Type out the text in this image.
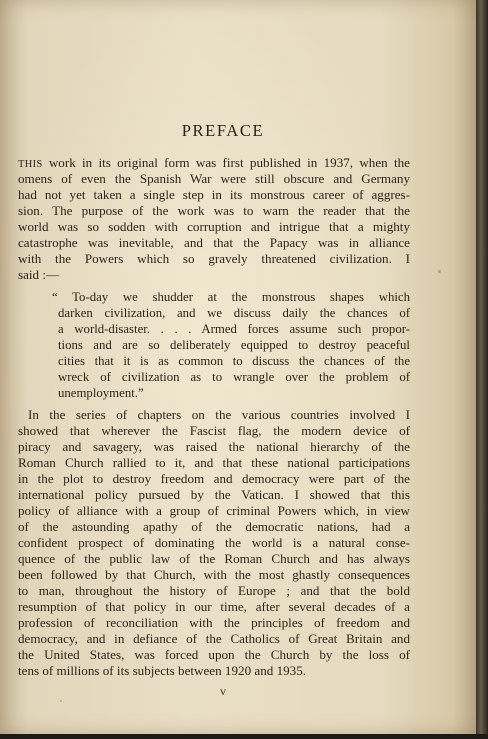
PREFACE
THIS work in its original form was first published in 1937, when the
omens of even the Spanish War were still obscure and Germany
had not yet taken a single step in its monstrous career of aggres-
sion. The purpose of the work was to warn the reader that the
world was so sodden with corruption and intrigue that a mighty
catastrophe was inevitable, and that the Papacy was in alliance
with the Powers which so gravely threatened civilization. I
said :—
“ To-day we shudder at the monstrous shapes which
darken civilization, and we discuss daily the chances of
a world-disaster. . . . Armed forces assume such propor-
tions and are so deliberately equipped to destroy peaceful
cities that it is as common to discuss the chances of the
wreck of civilization as to wrangle over the problem of
unemployment.”
In the series of chapters on the various countries involved I
showed that wherever the Fascist flag, the modern device of
piracy and savagery, was raised the national hierarchy of the
Roman Church rallied to it, and that these national participations
in the plot to destroy freedom and democracy were part of the
international policy pursued by the Vatican. I showed that this
policy of alliance with a group of criminal Powers which, in view
of the astounding apathy of the democratic nations, had a
confident prospect of dominating the world is a natural conse-
quence of the public law of the Roman Church and has always
been followed by that Church, with the most ghastly consequences
to man, throughout the history of Europe ; and that the bold
resumption of that policy in our time, after several decades of a
profession of reconciliation with the principles of freedom and
democracy, and in defiance of the Catholics of Great Britain and
the United States, was forced upon the Church by the loss of
tens of millions of its subjects between 1920 and 1935.
v
